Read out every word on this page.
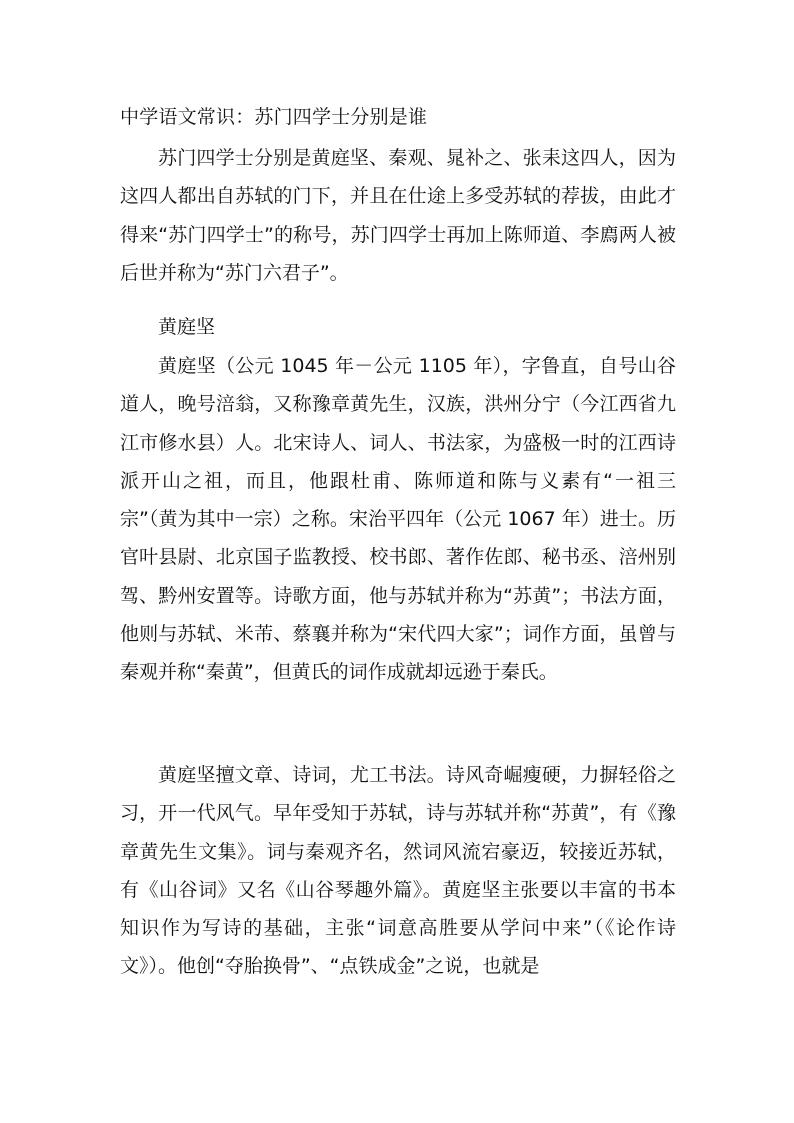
中学语文常识：苏门四学士分别是谁

苏门四学士分别是黄庭坚、秦观、晁补之、张耒这四人，因为这四人都出自苏轼的门下，并且在仕途上多受苏轼的荐拔，由此才得来“苏门四学士”的称号，苏门四学士再加上陈师道、李廌两人被后世并称为“苏门六君子”。

黄庭坚

黄庭坚（公元 1045 年－公元 1105 年），字鲁直，自号山谷道人，晚号涪翁，又称豫章黄先生，汉族，洪州分宁（今江西省九江市修水县）人。北宋诗人、词人、书法家，为盛极一时的江西诗派开山之祖，而且，他跟杜甫、陈师道和陈与义素有“一祖三宗”（黄为其中一宗）之称。宋治平四年（公元 1067 年）进士。历官叶县尉、北京国子监教授、校书郎、著作佐郎、秘书丞、涪州别驾、黔州安置等。诗歌方面，他与苏轼并称为“苏黄”；书法方面，他则与苏轼、米芾、蔡襄并称为“宋代四大家”；词作方面，虽曾与秦观并称“秦黄”，但黄氏的词作成就却远逊于秦氏。

黄庭坚擅文章、诗词，尤工书法。诗风奇崛瘦硬，力摒轻俗之习，开一代风气。早年受知于苏轼，诗与苏轼并称“苏黄”，有《豫章黄先生文集》。词与秦观齐名，然词风流宕豪迈，较接近苏轼，有《山谷词》又名《山谷琴趣外篇》。黄庭坚主张要以丰富的书本知识作为写诗的基础，主张“词意高胜要从学问中来”（《论作诗文》）。他创“夺胎换骨”、“点铁成金”之说，也就是
